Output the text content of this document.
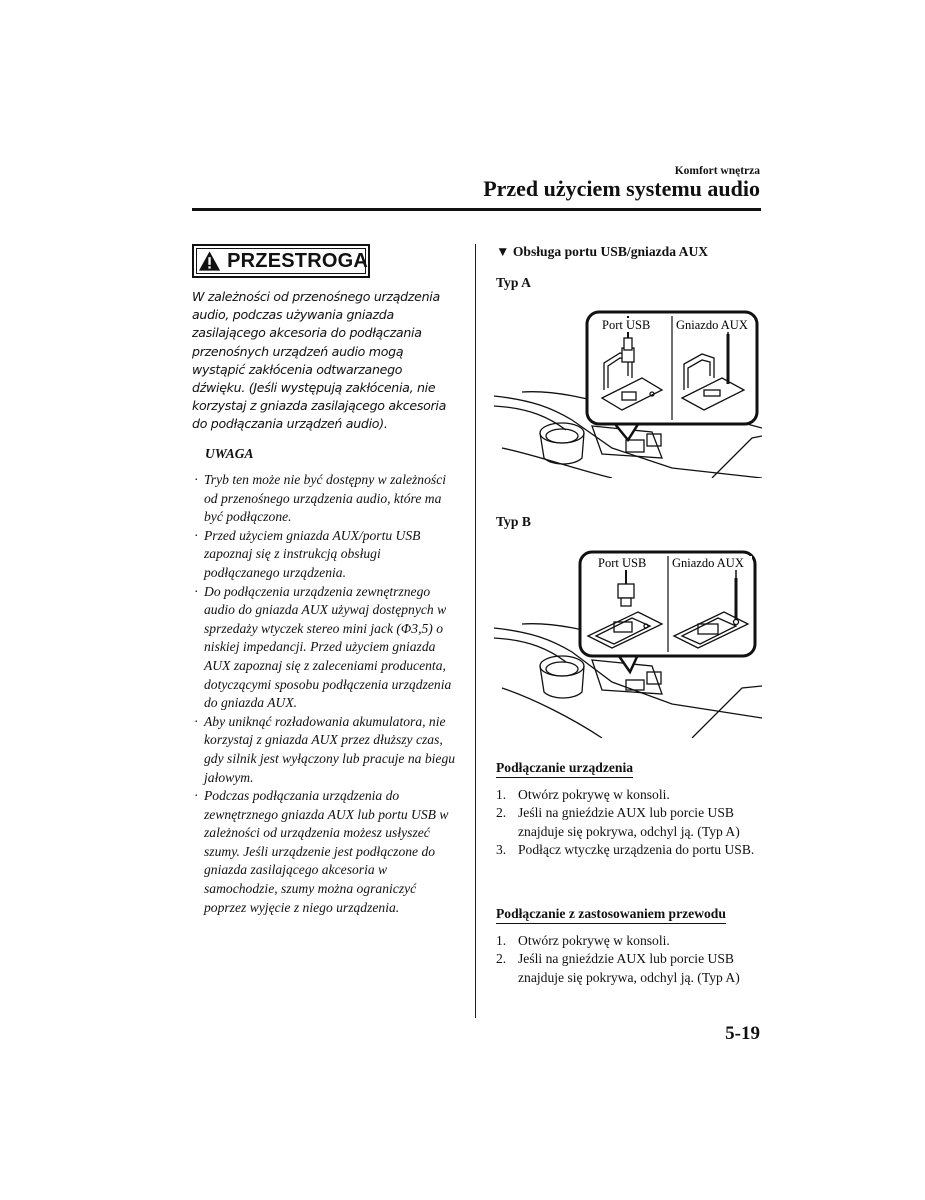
Komfort wnętrza
Przed użyciem systemu audio
PRZESTROGA

W zależności od przenośnego urządzenia audio, podczas używania gniazda zasilającego akcesoria do podłączania przenośnych urządzeń audio mogą wystąpić zakłócenia odtwarzanego dźwięku. (Jeśli występują zakłócenia, nie korzystaj z gniazda zasilającego akcesoria do podłączania urządzeń audio).

UWAGA
· Tryb ten może nie być dostępny w zależności od przenośnego urządzenia audio, które ma być podłączone.
· Przed użyciem gniazda AUX/portu USB zapoznaj się z instrukcją obsługi podłączanego urządzenia.
· Do podłączenia urządzenia zewnętrznego audio do gniazda AUX używaj dostępnych w sprzedaży wtyczek stereo mini jack (Φ3,5) o niskiej impedancji. Przed użyciem gniazda AUX zapoznaj się z zaleceniami producenta, dotyczącymi sposobu podłączenia urządzenia do gniazda AUX.
· Aby uniknąć rozładowania akumulatora, nie korzystaj z gniazda AUX przez dłuższy czas, gdy silnik jest wyłączony lub pracuje na biegu jałowym.
· Podczas podłączania urządzenia do zewnętrznego gniazda AUX lub portu USB w zależności od urządzenia możesz usłyszeć szumy. Jeśli urządzenie jest podłączone do gniazda zasilającego akcesoria w samochodzie, szumy można ograniczyć poprzez wyjęcie z niego urządzenia.
▼ Obsługa portu USB/gniazda AUX
Typ A
Port USB Gniazdo AUX
Typ B
Port USB Gniazdo AUX
Podłączanie urządzenia
1. Otwórz pokrywę w konsoli.
2. Jeśli na gnieździe AUX lub porcie USB znajduje się pokrywa, odchyl ją. (Typ A)
3. Podłącz wtyczkę urządzenia do portu USB.
Podłączanie z zastosowaniem przewodu
1. Otwórz pokrywę w konsoli.
2. Jeśli na gnieździe AUX lub porcie USB znajduje się pokrywa, odchyl ją. (Typ A)
5-19
